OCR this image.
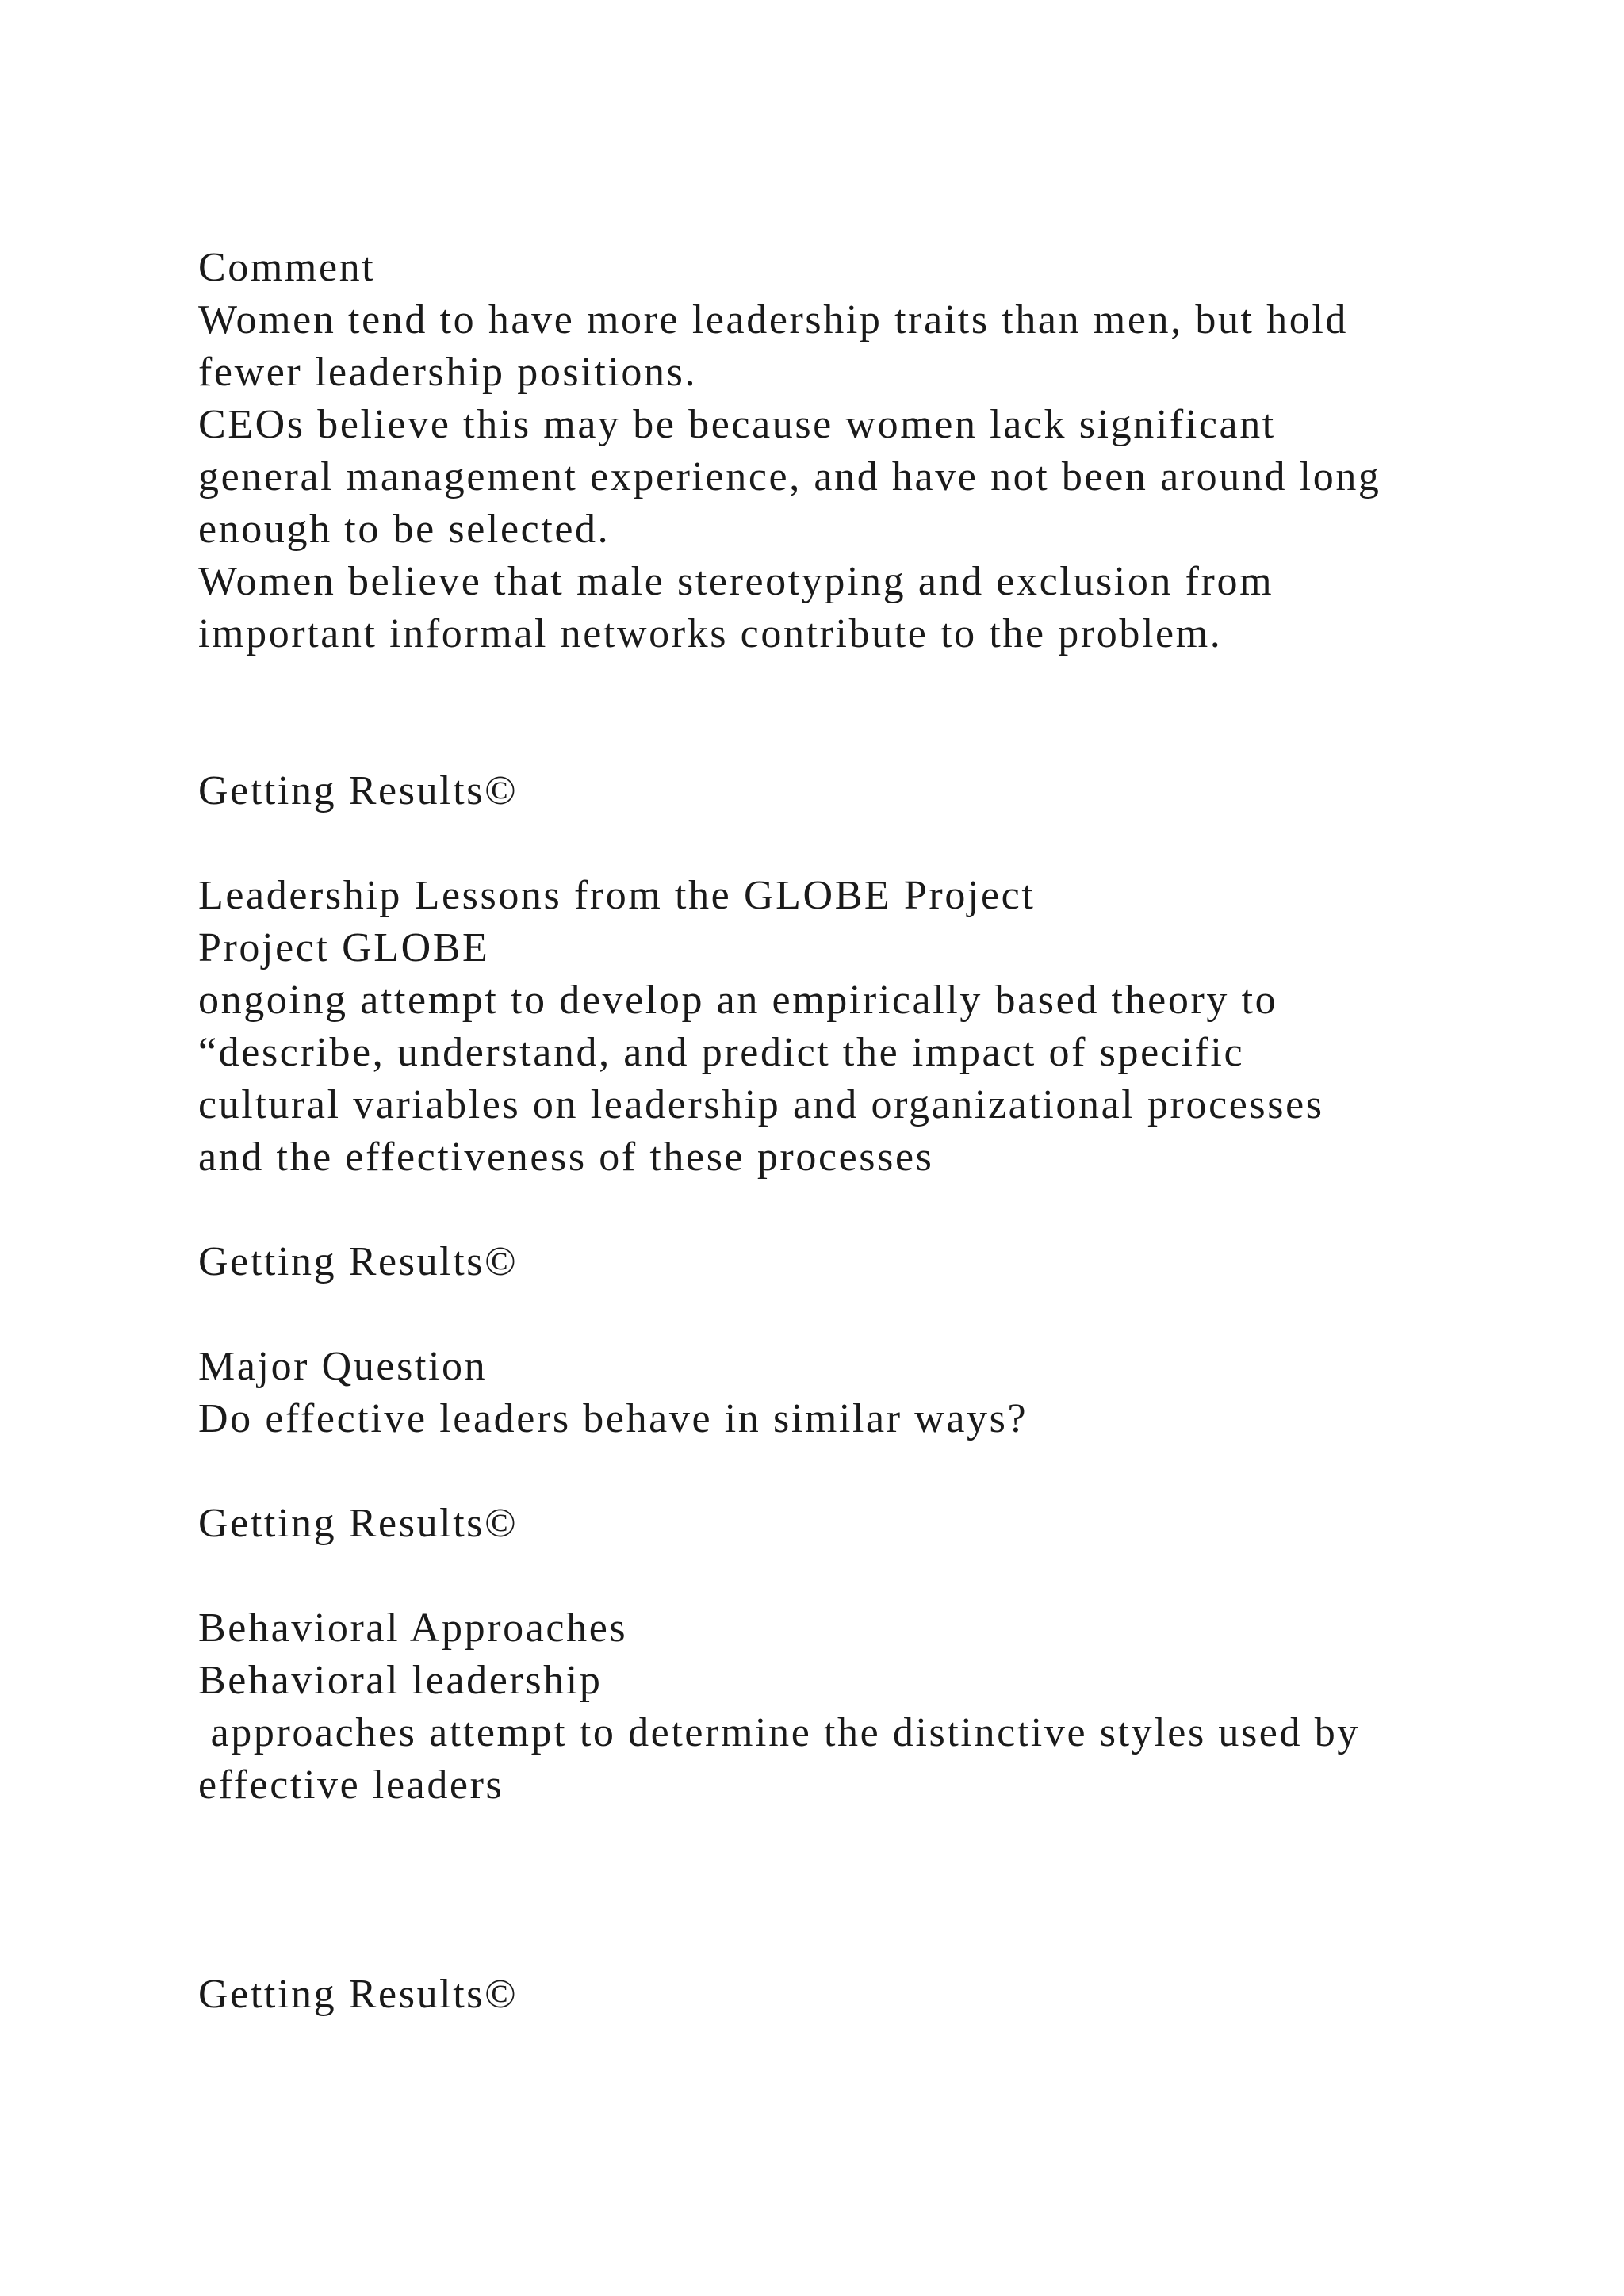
Comment
Women tend to have more leadership traits than men, but hold
fewer leadership positions.
CEOs believe this may be because women lack significant
general management experience, and have not been around long
enough to be selected.
Women believe that male stereotyping and exclusion from
important informal networks contribute to the problem.
Getting Results©
Leadership Lessons from the GLOBE Project
Project GLOBE
ongoing attempt to develop an empirically based theory to
“describe, understand, and predict the impact of specific
cultural variables on leadership and organizational processes
and the effectiveness of these processes
Getting Results©
Major Question
Do effective leaders behave in similar ways?
Getting Results©
Behavioral Approaches
Behavioral leadership
approaches attempt to determine the distinctive styles used by
effective leaders
Getting Results©
